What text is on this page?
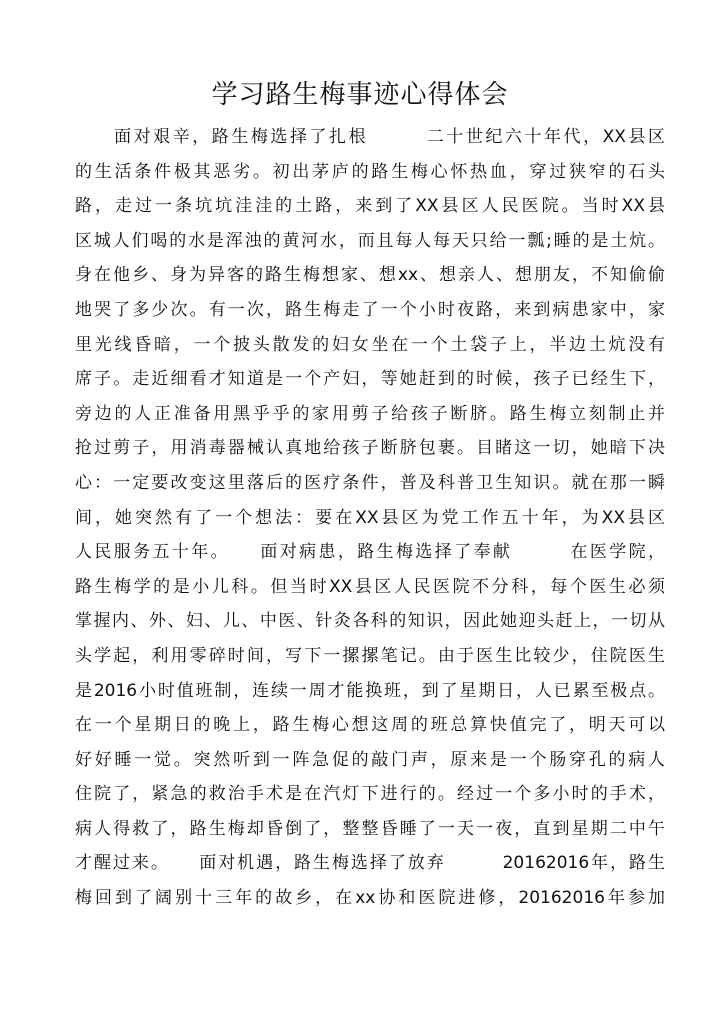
学习路生梅事迹心得体会
　　面对艰辛，路生梅选择了扎根　　　二十世纪六十年代，XX县区
的生活条件极其恶劣。初出茅庐的路生梅心怀热血，穿过狭窄的石头
路，走过一条坑坑洼洼的土路，来到了XX县区人民医院。当时XX县
区城人们喝的水是浑浊的黄河水，而且每人每天只给一瓢;睡的是土炕。
身在他乡、身为异客的路生梅想家、想xx、想亲人、想朋友，不知偷偷
地哭了多少次。有一次，路生梅走了一个小时夜路，来到病患家中，家
里光线昏暗，一个披头散发的妇女坐在一个土袋子上，半边土炕没有
席子。走近细看才知道是一个产妇，等她赶到的时候，孩子已经生下，
旁边的人正准备用黑乎乎的家用剪子给孩子断脐。路生梅立刻制止并
抢过剪子，用消毒器械认真地给孩子断脐包裹。目睹这一切，她暗下决
心：一定要改变这里落后的医疗条件，普及科普卫生知识。就在那一瞬
间，她突然有了一个想法：要在XX县区为党工作五十年，为XX县区
人民服务五十年。　　面对病患，路生梅选择了奉献　　　在医学院，
路生梅学的是小儿科。但当时XX县区人民医院不分科，每个医生必须
掌握内、外、妇、儿、中医、针灸各科的知识，因此她迎头赶上，一切从
头学起，利用零碎时间，写下一摞摞笔记。由于医生比较少，住院医生
是2016小时值班制，连续一周才能换班，到了星期日，人已累至极点。
在一个星期日的晚上，路生梅心想这周的班总算快值完了，明天可以
好好睡一觉。突然听到一阵急促的敲门声，原来是一个肠穿孔的病人
住院了，紧急的救治手术是在汽灯下进行的。经过一个多小时的手术，
病人得救了，路生梅却昏倒了，整整昏睡了一天一夜，直到星期二中午
才醒过来。　　面对机遇，路生梅选择了放弃　　　20162016年，路生
梅回到了阔别十三年的故乡，在xx协和医院进修，20162016年参加
